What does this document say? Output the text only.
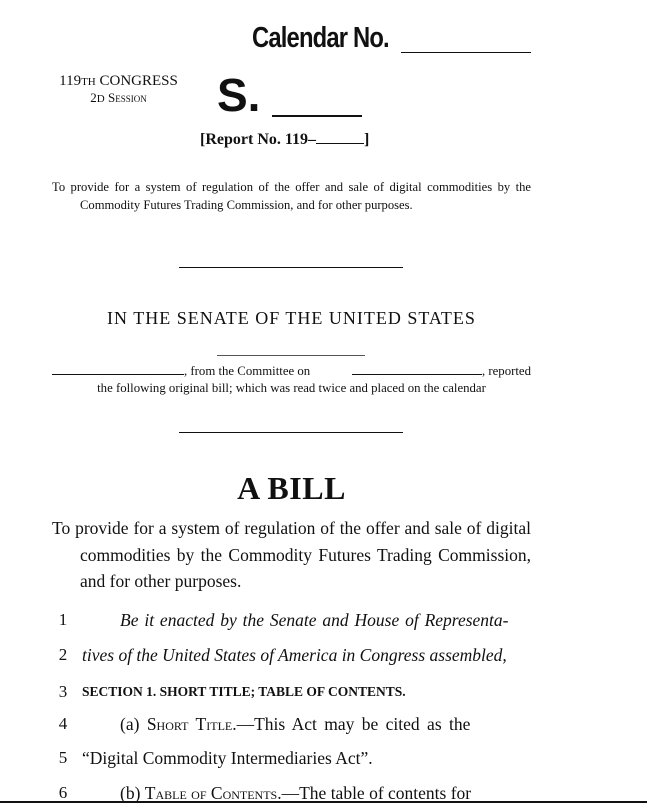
Calendar No.
119th CONGRESS
2D Session	S.
[Report No. 119–	]
To provide for a system of regulation of the offer and sale of digital commodities by the Commodity Futures Trading Commission, and for other purposes.
IN THE SENATE OF THE UNITED STATES
, from the Committee on	, reported
the following original bill; which was read twice and placed on the calendar
A BILL
To provide for a system of regulation of the offer and sale of digital commodities by the Commodity Futures Trading Commission, and for other purposes.
1	Be it enacted by the Senate and House of Representa-
2 tives of the United States of America in Congress assembled,
3	SECTION 1. SHORT TITLE; TABLE OF CONTENTS.
4	(a) Short Title.—This Act may be cited as the
5 “Digital Commodity Intermediaries Act”.
6	(b) Table of Contents.—The table of contents for
